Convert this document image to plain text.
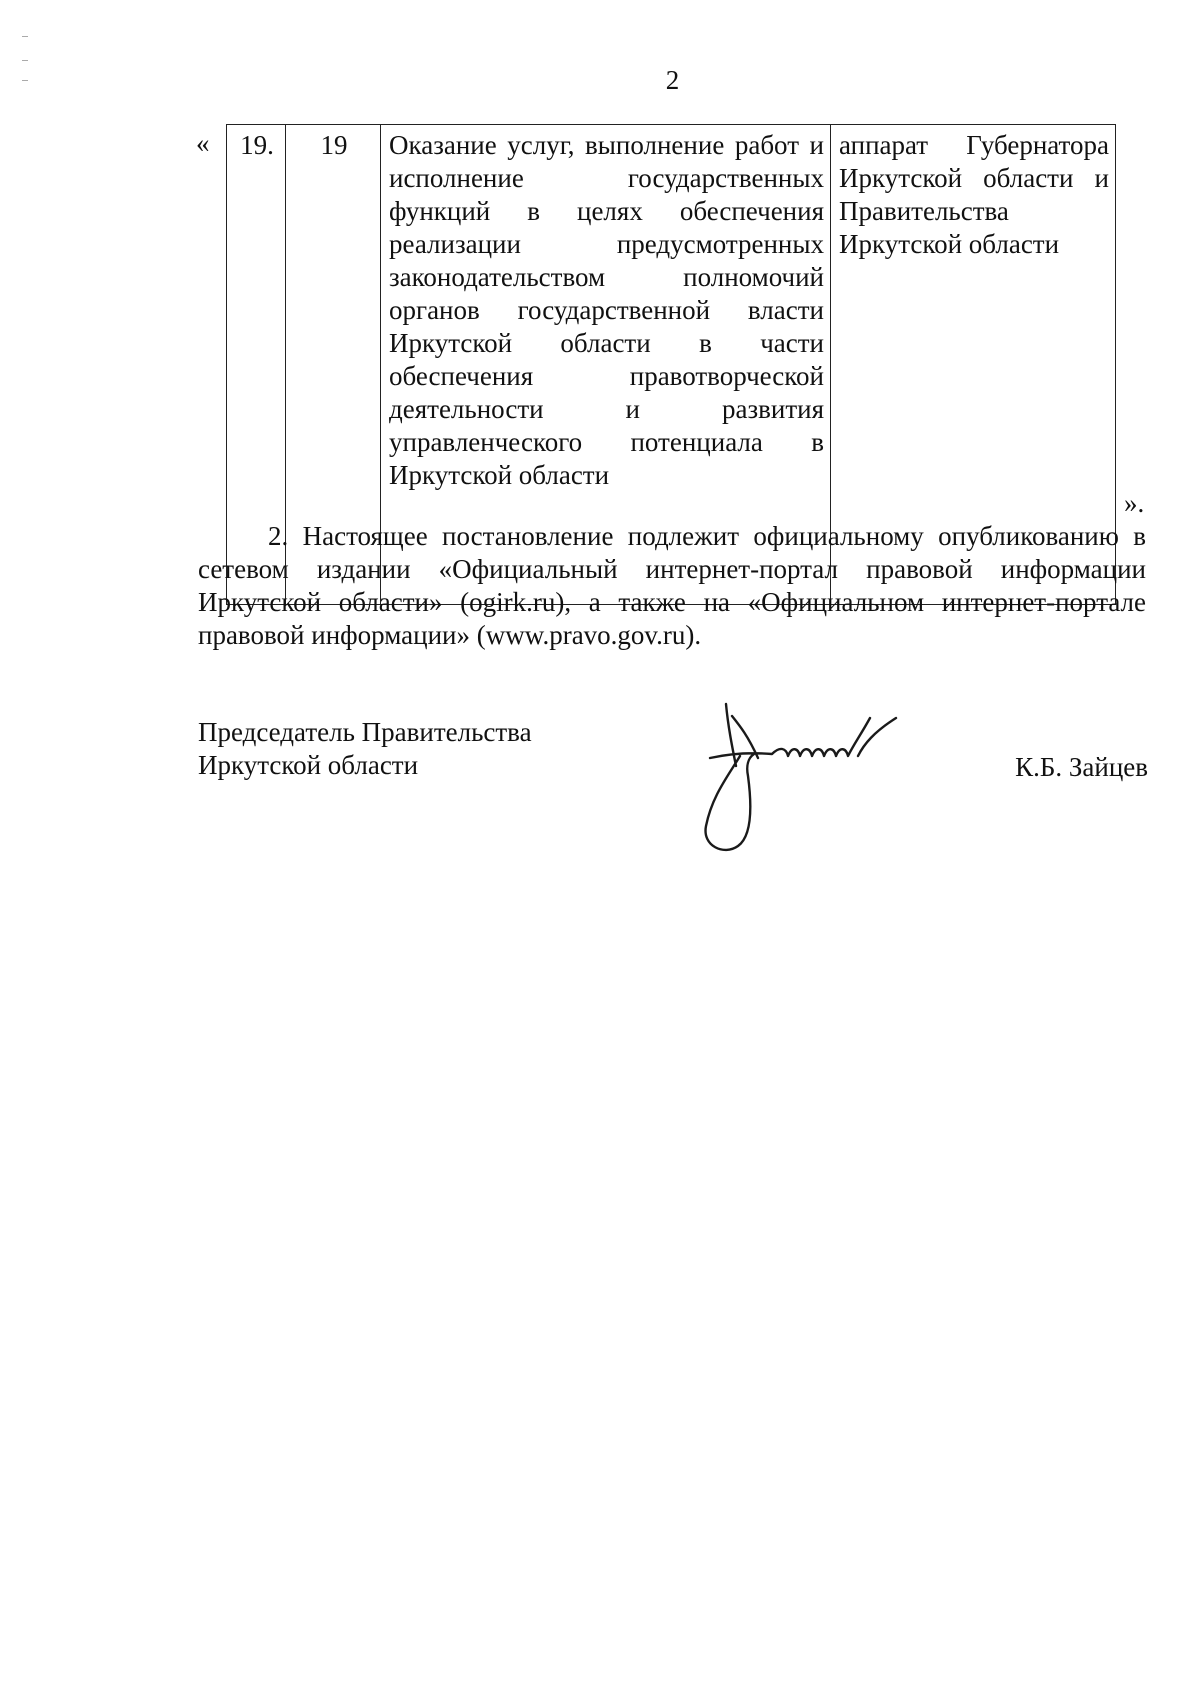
2
« 19.	19	Оказание услуг, выполнение работ и исполнение государственных функций в целях обеспечения реализации предусмотренных законодательством полномочий органов государственной власти Иркутской области в части обеспечения правотворческой деятельности и развития управленческого потенциала в Иркутской области	аппарат Губернатора Иркутской области и Правительства Иркутской области
».
2. Настоящее постановление подлежит официальному опубликованию в сетевом издании «Официальный интернет-портал правовой информации Иркутской области» (ogirk.ru), а также на «Официальном интернет-портале правовой информации» (www.pravo.gov.ru).
Председатель Правительства
Иркутской области	К.Б. Зайцев
